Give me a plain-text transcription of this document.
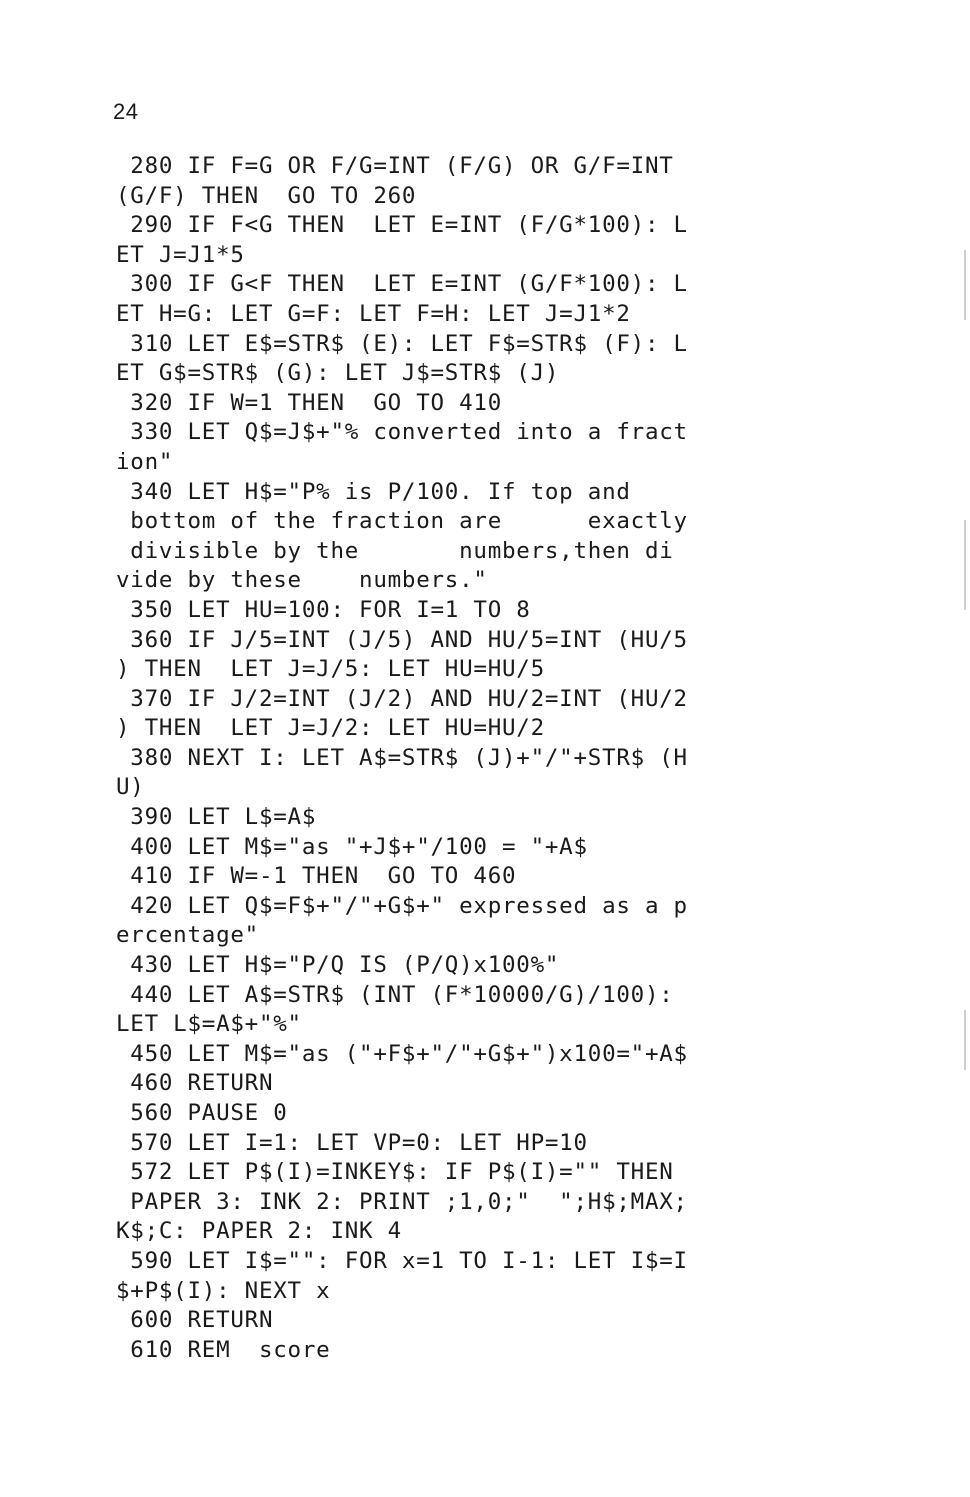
24
280 IF F=G OR F/G=INT (F/G) OR G/F=INT
(G/F) THEN  GO TO 260
290 IF F<G THEN  LET E=INT (F/G*100): L
ET J=J1*5
300 IF G<F THEN  LET E=INT (G/F*100): L
ET H=G: LET G=F: LET F=H: LET J=J1*2
310 LET E$=STR$ (E): LET F$=STR$ (F): L
ET G$=STR$ (G): LET J$=STR$ (J)
320 IF W=1 THEN  GO TO 410
330 LET Q$=J$+"% converted into a fract
ion"
340 LET H$="P% is P/100. If top and
bottom of the fraction are      exactly
divisible by the       numbers,then di
vide by these    numbers."
350 LET HU=100: FOR I=1 TO 8
360 IF J/5=INT (J/5) AND HU/5=INT (HU/5
) THEN  LET J=J/5: LET HU=HU/5
370 IF J/2=INT (J/2) AND HU/2=INT (HU/2
) THEN  LET J=J/2: LET HU=HU/2
380 NEXT I: LET A$=STR$ (J)+"/"+STR$ (H
U)
390 LET L$=A$
400 LET M$="as "+J$+"/100 = "+A$
410 IF W=-1 THEN  GO TO 460
420 LET Q$=F$+"/"+G$+" expressed as a p
ercentage"
430 LET H$="P/Q IS (P/Q)x100%"
440 LET A$=STR$ (INT (F*10000/G)/100):
LET L$=A$+"%"
450 LET M$="as ("+F$+"/"+G$+")x100="+A$
460 RETURN
560 PAUSE 0
570 LET I=1: LET VP=0: LET HP=10
572 LET P$(I)=INKEY$: IF P$(I)="" THEN
PAPER 3: INK 2: PRINT ;1,0;"  ";H$;MAX;
K$;C: PAPER 2: INK 4
590 LET I$="": FOR x=1 TO I-1: LET I$=I
$+P$(I): NEXT x
600 RETURN
610 REM  score
